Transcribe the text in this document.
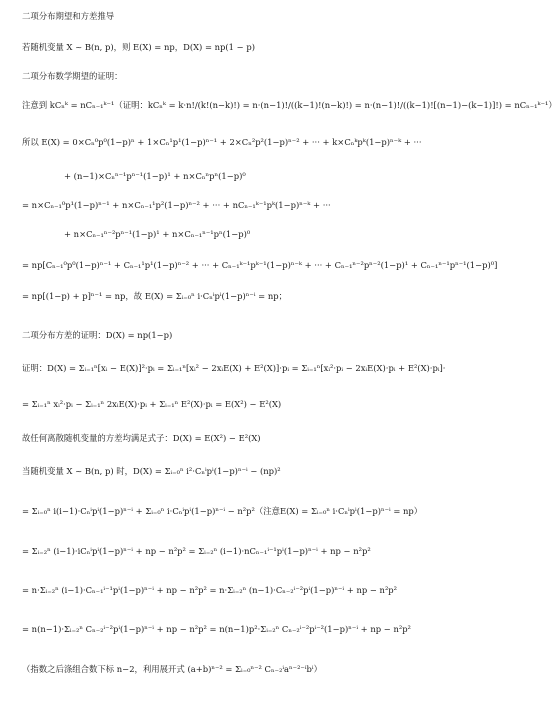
二项分布期望和方差推导
若随机变量 X ~ B(n, p)，则 E(X) = np，D(X) = np(1 − p)
二项分布数学期望的证明：
注意到 kCₙᵏ = nCₙ₋₁ᵏ⁻¹（证明：kCₙᵏ = k·n!/(k!(n−k)!) = n·(n−1)!/((k−1)!(n−k)!) = n·(n−1)!/((k−1)![(n−1)−(k−1)]!) = nCₙ₋₁ᵏ⁻¹）
所以 E(X) = 0×Cₙ⁰p⁰(1−p)ⁿ + 1×Cₙ¹p¹(1−p)ⁿ⁻¹ + 2×Cₙ²p²(1−p)ⁿ⁻² + ··· + k×Cₙᵏpᵏ(1−p)ⁿ⁻ᵏ + ···
+ (n−1)×Cₙⁿ⁻¹pⁿ⁻¹(1−p)¹ + n×Cₙⁿpⁿ(1−p)⁰
= n×Cₙ₋₁⁰p¹(1−p)ⁿ⁻¹ + n×Cₙ₋₁¹p²(1−p)ⁿ⁻² + ··· + nCₙ₋₁ᵏ⁻¹pᵏ(1−p)ⁿ⁻ᵏ + ···
+ n×Cₙ₋₁ⁿ⁻²pⁿ⁻¹(1−p)¹ + n×Cₙ₋₁ⁿ⁻¹pⁿ(1−p)⁰
= np[Cₙ₋₁⁰p⁰(1−p)ⁿ⁻¹ + Cₙ₋₁¹p¹(1−p)ⁿ⁻² + ··· + Cₙ₋₁ᵏ⁻¹pᵏ⁻¹(1−p)ⁿ⁻ᵏ + ··· + Cₙ₋₁ⁿ⁻²pⁿ⁻²(1−p)¹ + Cₙ₋₁ⁿ⁻¹pⁿ⁻¹(1−p)⁰]
= np[(1−p) + p]ⁿ⁻¹ = np，故 E(X) = Σᵢ₌₀ⁿ i·Cₙⁱpⁱ(1−p)ⁿ⁻ⁱ = np；
二项分布方差的证明：D(X) = np(1−p)
证明：D(X) = Σᵢ₌₁ⁿ[xᵢ − E(X)]²·pᵢ = Σᵢ₌₁ⁿ[xᵢ² − 2xᵢE(X) + E²(X)]·pᵢ = Σᵢ₌₁ⁿ[xᵢ²·pᵢ − 2xᵢE(X)·pᵢ + E²(X)·pᵢ]·
= Σᵢ₌₁ⁿ xᵢ²·pᵢ − Σᵢ₌₁ⁿ 2xᵢE(X)·pᵢ + Σᵢ₌₁ⁿ E²(X)·pᵢ = E(X²) − E²(X)
故任何离散随机变量的方差均满足式子：D(X) = E(X²) − E²(X)
当随机变量 X ~ B(n, p) 时，D(X) = Σᵢ₌₀ⁿ i²·Cₙⁱpⁱ(1−p)ⁿ⁻ⁱ − (np)²
= Σᵢ₌₀ⁿ i(i−1)·Cₙⁱpⁱ(1−p)ⁿ⁻ⁱ + Σᵢ₌₀ⁿ i·Cₙⁱpⁱ(1−p)ⁿ⁻ⁱ − n²p²（注意E(X) = Σᵢ₌₀ⁿ i·Cₙⁱpⁱ(1−p)ⁿ⁻ⁱ = np）
= Σᵢ₌₂ⁿ (i−1)·iCₙⁱpⁱ(1−p)ⁿ⁻ⁱ + np − n²p² = Σᵢ₌₂ⁿ (i−1)·nCₙ₋₁ⁱ⁻¹pⁱ(1−p)ⁿ⁻ⁱ + np − n²p²
= n·Σᵢ₌₂ⁿ (i−1)·Cₙ₋₁ⁱ⁻¹pⁱ(1−p)ⁿ⁻ⁱ + np − n²p² = n·Σᵢ₌₂ⁿ (n−1)·Cₙ₋₂ⁱ⁻²pⁱ(1−p)ⁿ⁻ⁱ + np − n²p²
= n(n−1)·Σᵢ₌₂ⁿ Cₙ₋₂ⁱ⁻²pⁱ(1−p)ⁿ⁻ⁱ + np − n²p² = n(n−1)p²·Σᵢ₌₂ⁿ Cₙ₋₂ⁱ⁻²pⁱ⁻²(1−p)ⁿ⁻ⁱ + np − n²p²
（指数之后涤组合数下标 n−2，利用展开式 (a+b)ⁿ⁻² = Σᵢ₌₀ⁿ⁻² Cₙ₋₂ⁱaⁿ⁻²⁻ⁱbⁱ）
